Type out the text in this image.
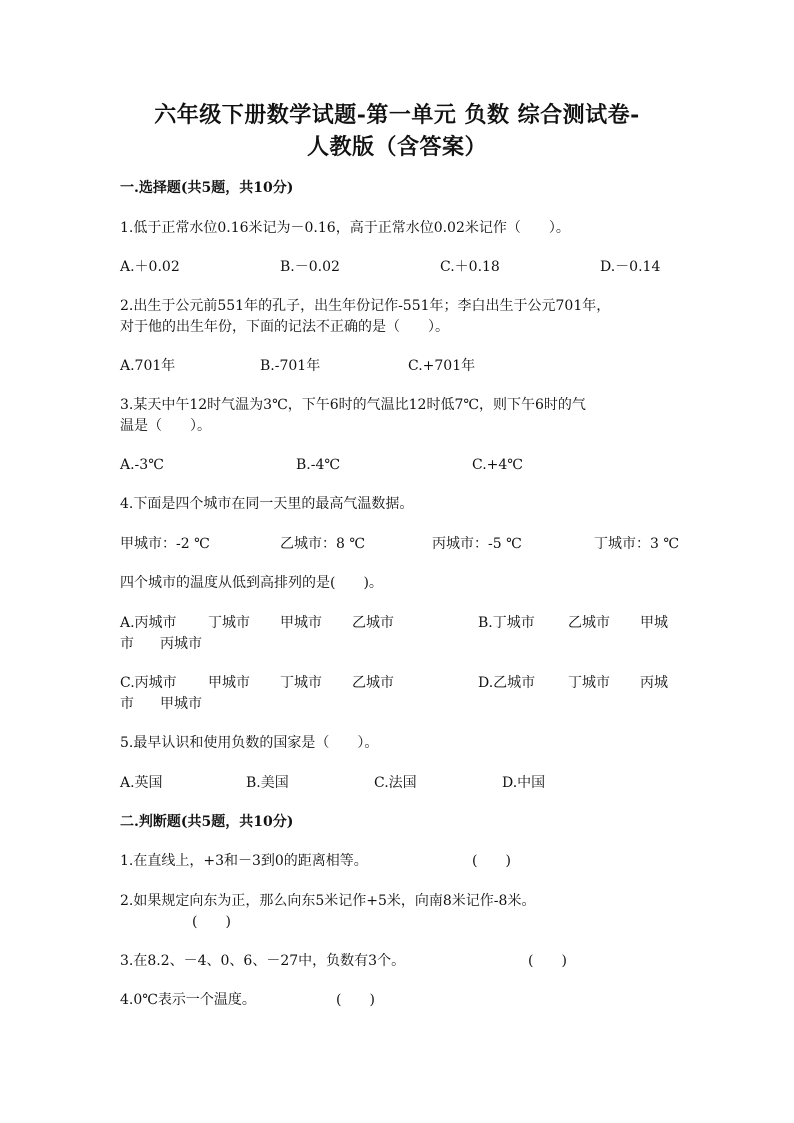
六年级下册数学试题-第一单元 负数 综合测试卷-
人教版（含答案）
一.选择题(共5题，共10分)
1.低于正常水位0.16米记为－0.16，高于正常水位0.02米记作（　　）。
A.＋0.02	B.－0.02	C.＋0.18	D.－0.14
2.出生于公元前551年的孔子，出生年份记作-551年；李白出生于公元701年，
对于他的出生年份，下面的记法不正确的是（　　）。
A.701年	B.-701年	C.+701年
3.某天中午12时气温为3℃，下午6时的气温比12时低7℃，则下午6时的气
温是（　　）。
A.-3℃	B.-4℃	C.+4℃
4.下面是四个城市在同一天里的最高气温数据。
甲城市：-2 ℃	乙城市：8 ℃	丙城市：-5 ℃	丁城市：3 ℃
四个城市的温度从低到高排列的是(　　)。
A.丙城市 丁城市 甲城市 乙城市	B.丁城市 乙城市 甲城
市 丙城市
C.丙城市 甲城市 丁城市 乙城市	D.乙城市 丁城市 丙城
市 甲城市
5.最早认识和使用负数的国家是（　　）。
A.英国	B.美国	C.法国	D.中国
二.判断题(共5题，共10分)
1.在直线上，+3和－3到0的距离相等。	(　　)
2.如果规定向东为正，那么向东5米记作+5米，向南8米记作-8米。
(　　)
3.在8.2、－4、0、6、－27中，负数有3个。	(　　)
4.0℃表示一个温度。	(　　)
